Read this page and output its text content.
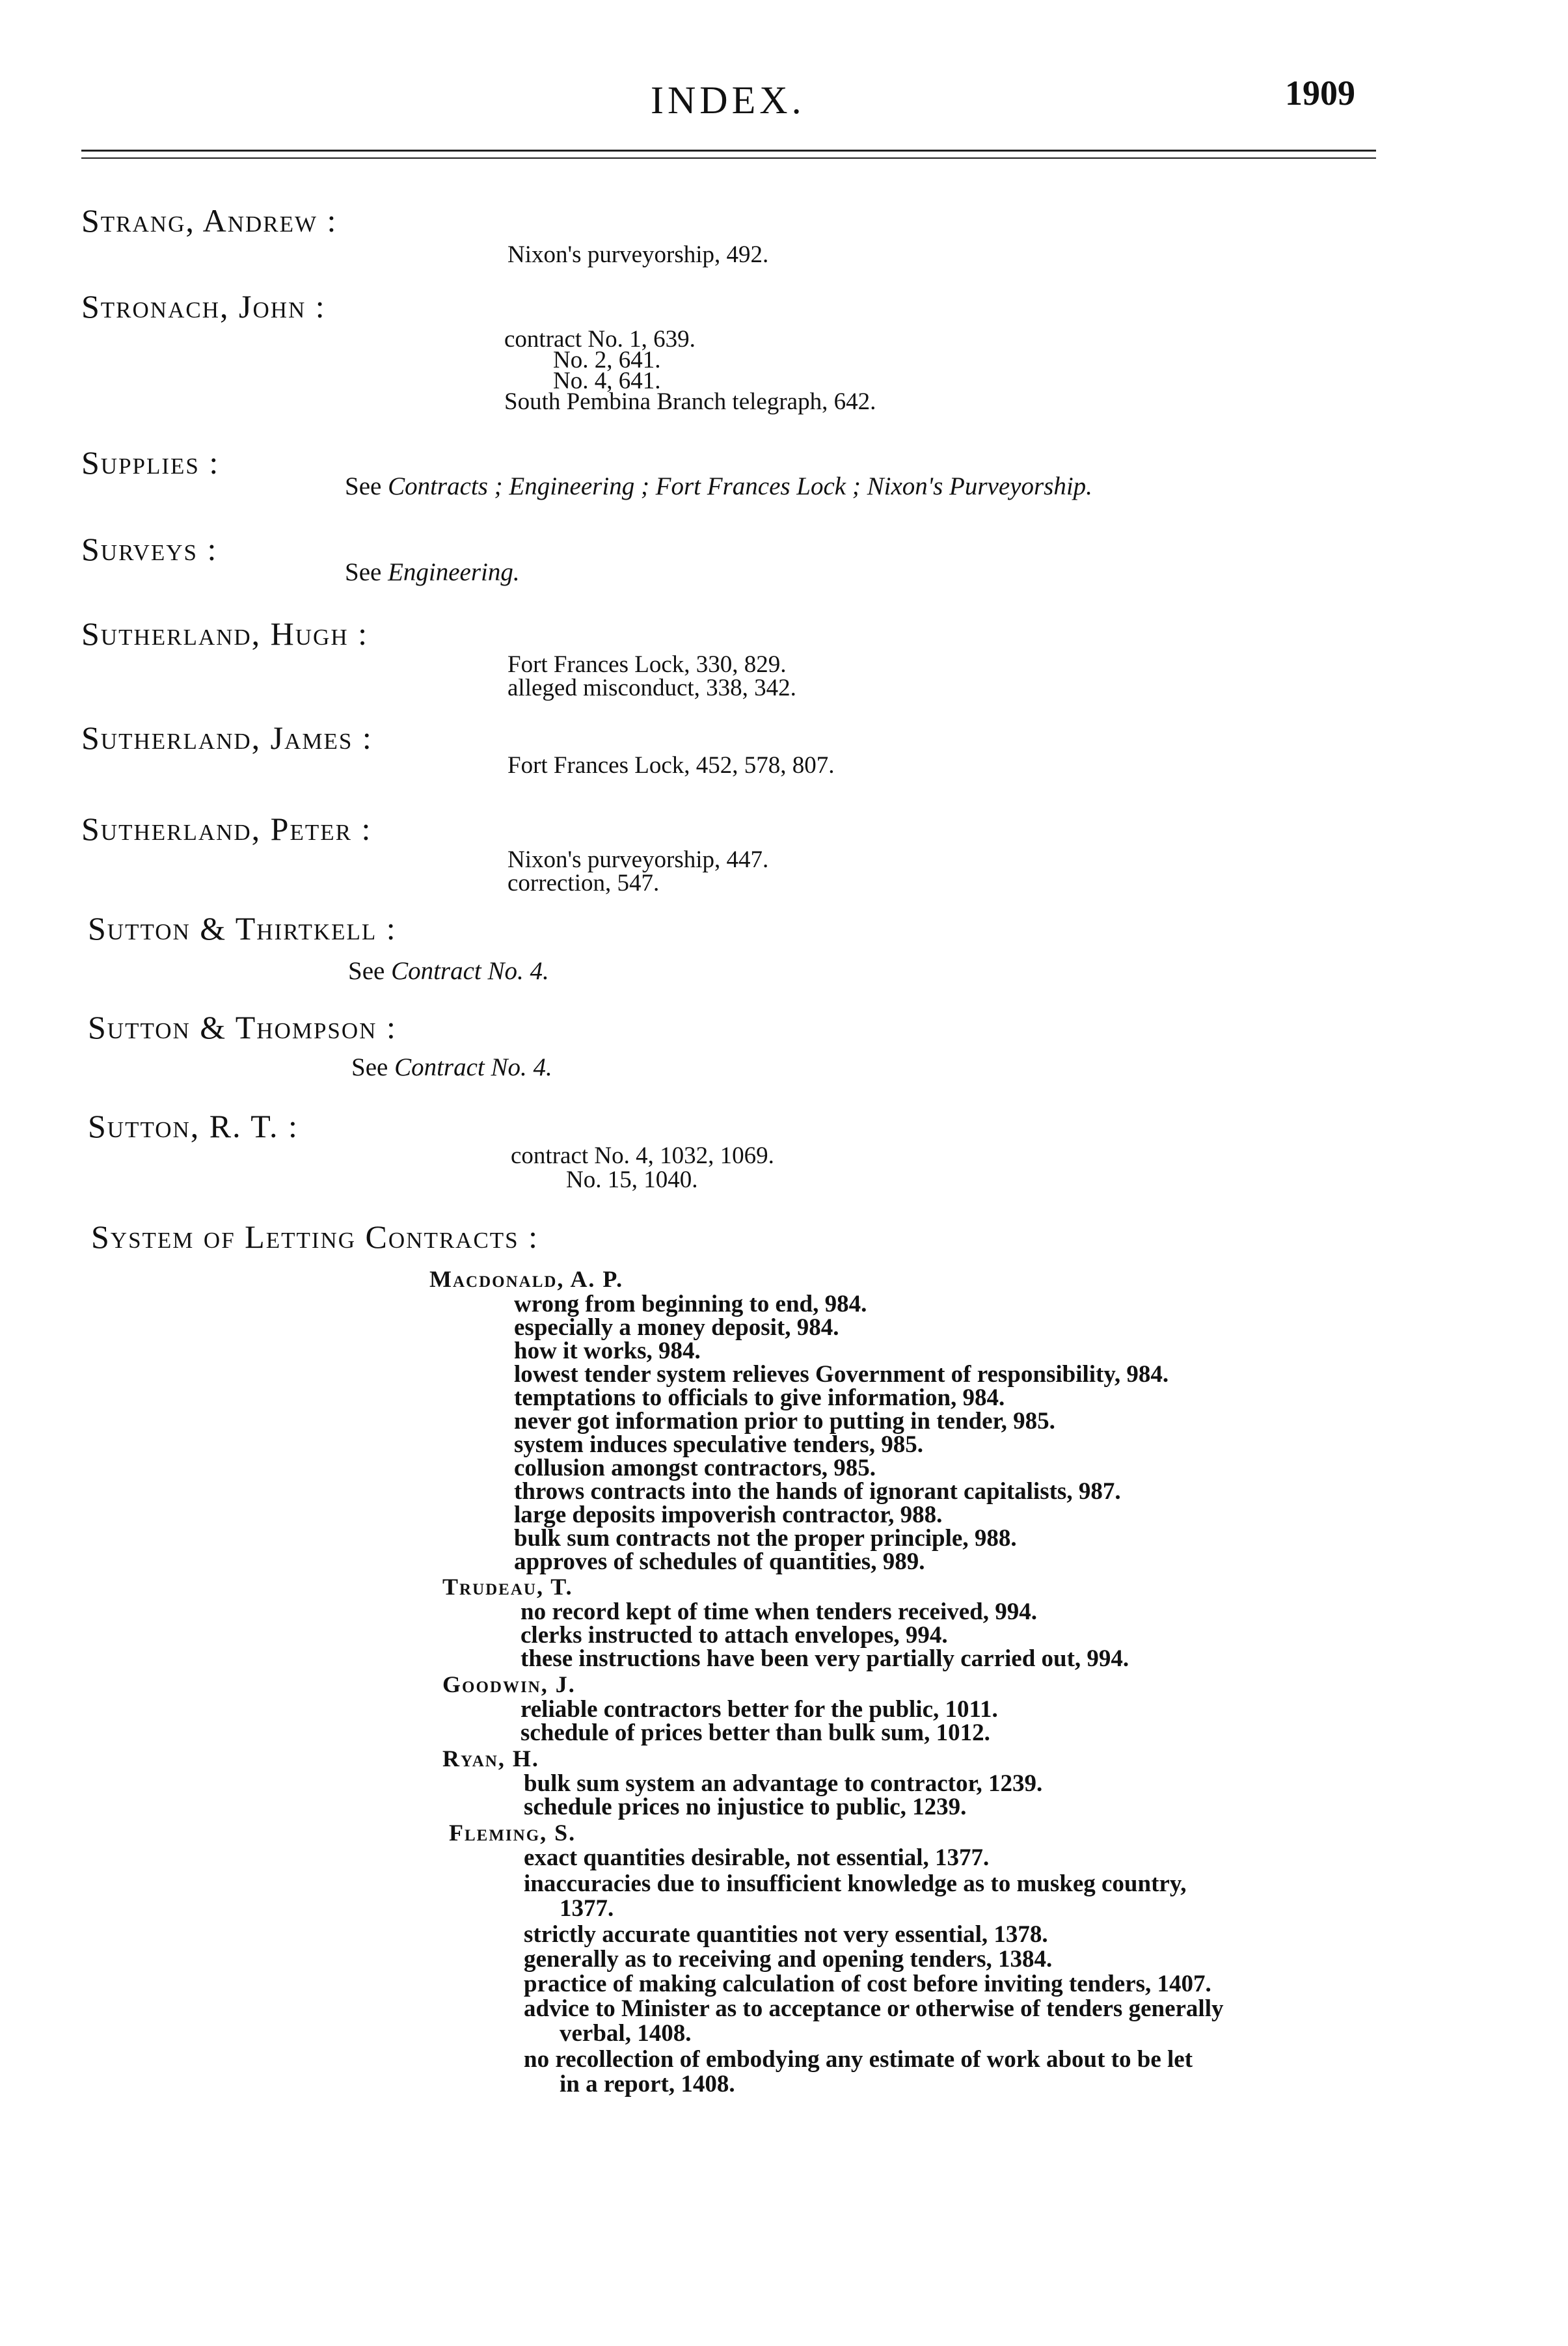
INDEX.	1909
Strang, Andrew :
Nixon's purveyorship, 492.
Stronach, John :
contract No. 1, 639.
No. 2, 641.
No. 4, 641.
South Pembina Branch telegraph, 642.
Supplies :
See Contracts ; Engineering ; Fort Frances Lock ; Nixon's Purveyorship.
Surveys :
See Engineering.
Sutherland, Hugh :
Fort Frances Lock, 330, 829.
alleged misconduct, 338, 342.
Sutherland, James :
Fort Frances Lock, 452, 578, 807.
Sutherland, Peter :
Nixon's purveyorship, 447.
correction, 547.
Sutton & Thirtkell :
See Contract No. 4.
Sutton & Thompson :
See Contract No. 4.
Sutton, R. T. :
contract No. 4, 1032, 1069.
No. 15, 1040.
System of Letting Contracts :
Macdonald, A. P.
wrong from beginning to end, 984.
especially a money deposit, 984.
how it works, 984.
lowest tender system relieves Government of responsibility, 984.
temptations to officials to give information, 984.
never got information prior to putting in tender, 985.
system induces speculative tenders, 985.
collusion amongst contractors, 985.
throws contracts into the hands of ignorant capitalists, 987.
large deposits impoverish contractor, 988.
bulk sum contracts not the proper principle, 988.
approves of schedules of quantities, 989.
Trudeau, T.
no record kept of time when tenders received, 994.
clerks instructed to attach envelopes, 994.
these instructions have been very partially carried out, 994.
Goodwin, J.
reliable contractors better for the public, 1011.
schedule of prices better than bulk sum, 1012.
Ryan, H.
bulk sum system an advantage to contractor, 1239.
schedule prices no injustice to public, 1239.
Fleming, S.
exact quantities desirable, not essential, 1377.
inaccuracies due to insufficient knowledge as to muskeg country,
1377.
strictly accurate quantities not very essential, 1378.
generally as to receiving and opening tenders, 1384.
practice of making calculation of cost before inviting tenders, 1407.
advice to Minister as to acceptance or otherwise of tenders generally
verbal, 1408.
no recollection of embodying any estimate of work about to be let
in a report, 1408.
